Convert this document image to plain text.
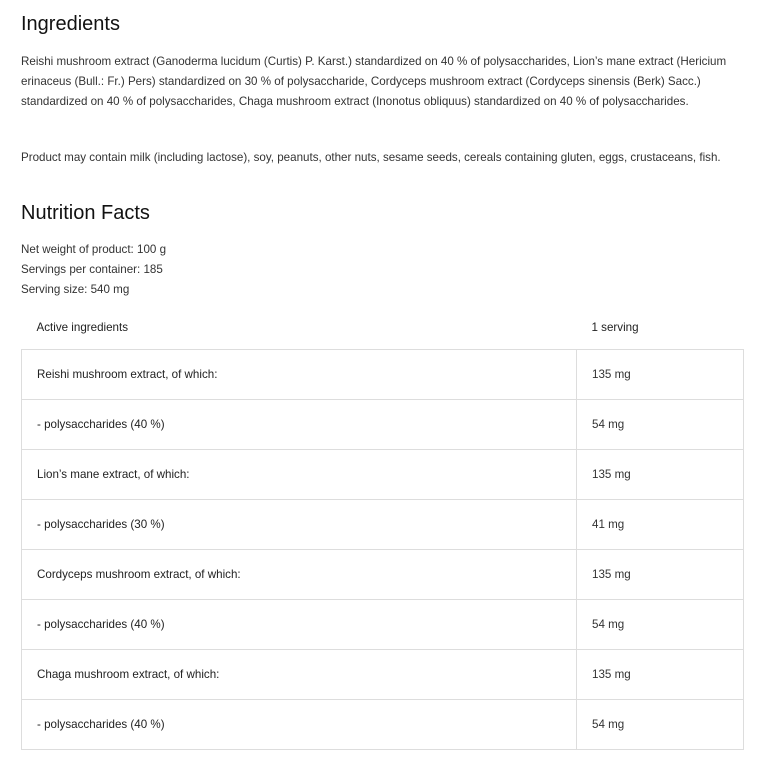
Ingredients

Reishi mushroom extract (Ganoderma lucidum (Curtis) P. Karst.) standardized on 40 % of polysaccharides, Lion’s mane extract (Hericium erinaceus (Bull.: Fr.) Pers) standardized on 30 % of polysaccharide, Cordyceps mushroom extract (Cordyceps sinensis (Berk) Sacc.) standardized on 40 % of polysaccharides, Chaga mushroom extract (Inonotus obliquus) standardized on 40 % of polysaccharides.

Product may contain milk (including lactose), soy, peanuts, other nuts, sesame seeds, cereals containing gluten, eggs, crustaceans, fish.

Nutrition Facts
Net weight of product: 100 g
Servings per container: 185
Serving size: 540 mg
Active ingredients	1 serving
Reishi mushroom extract, of which:	135 mg
- polysaccharides (40 %)	54 mg
Lion’s mane extract, of which:	135 mg
- polysaccharides (30 %)	41 mg
Cordyceps mushroom extract, of which:	135 mg
- polysaccharides (40 %)	54 mg
Chaga mushroom extract, of which:	135 mg
- polysaccharides (40 %)	54 mg
